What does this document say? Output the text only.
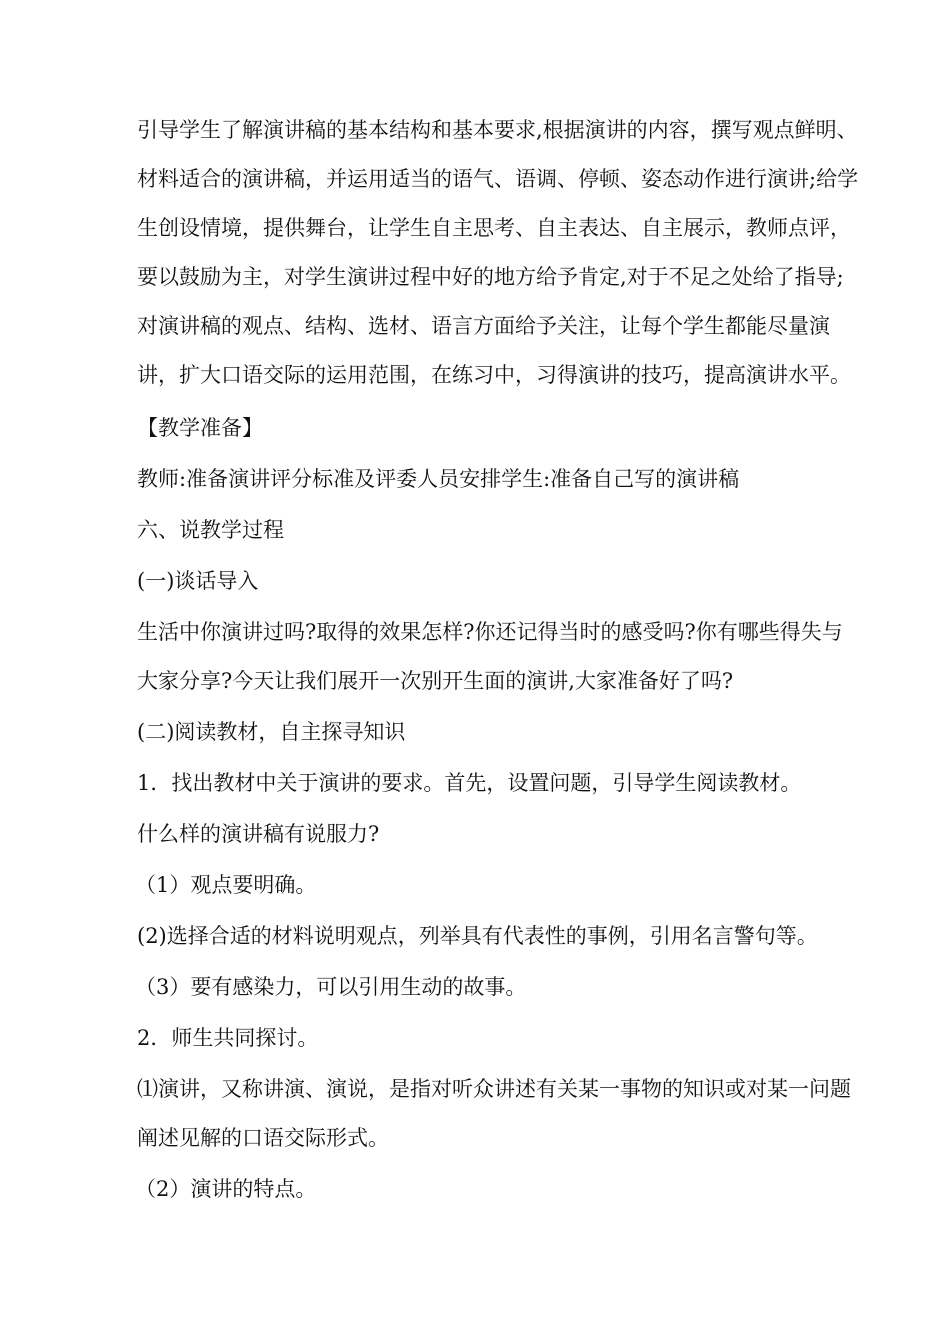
引导学生了解演讲稿的基本结构和基本要求,根据演讲的内容，撰写观点鲜明、材料适合的演讲稿，并运用适当的语气、语调、停顿、姿态动作进行演讲;给学生创设情境，提供舞台，让学生自主思考、自主表达、自主展示，教师点评，要以鼓励为主，对学生演讲过程中好的地方给予肯定,对于不足之处给了指导;对演讲稿的观点、结构、选材、语言方面给予关注，让每个学生都能尽量演讲，扩大口语交际的运用范围，在练习中，习得演讲的技巧，提高演讲水平。

【教学准备】

教师:准备演讲评分标准及评委人员安排学生:准备自己写的演讲稿

六、说教学过程

(一)谈话导入

生活中你演讲过吗?取得的效果怎样?你还记得当时的感受吗?你有哪些得失与大家分享?今天让我们展开一次别开生面的演讲,大家准备好了吗?

(二)阅读教材，自主探寻知识

1．找出教材中关于演讲的要求。首先，设置问题，引导学生阅读教材。

什么样的演讲稿有说服力?

（1）观点要明确。

(2)选择合适的材料说明观点，列举具有代表性的事例，引用名言警句等。

（3）要有感染力，可以引用生动的故事。

2．师生共同探讨。

⑴演讲，又称讲演、演说，是指对听众讲述有关某一事物的知识或对某一问题阐述见解的口语交际形式。

（2）演讲的特点。
